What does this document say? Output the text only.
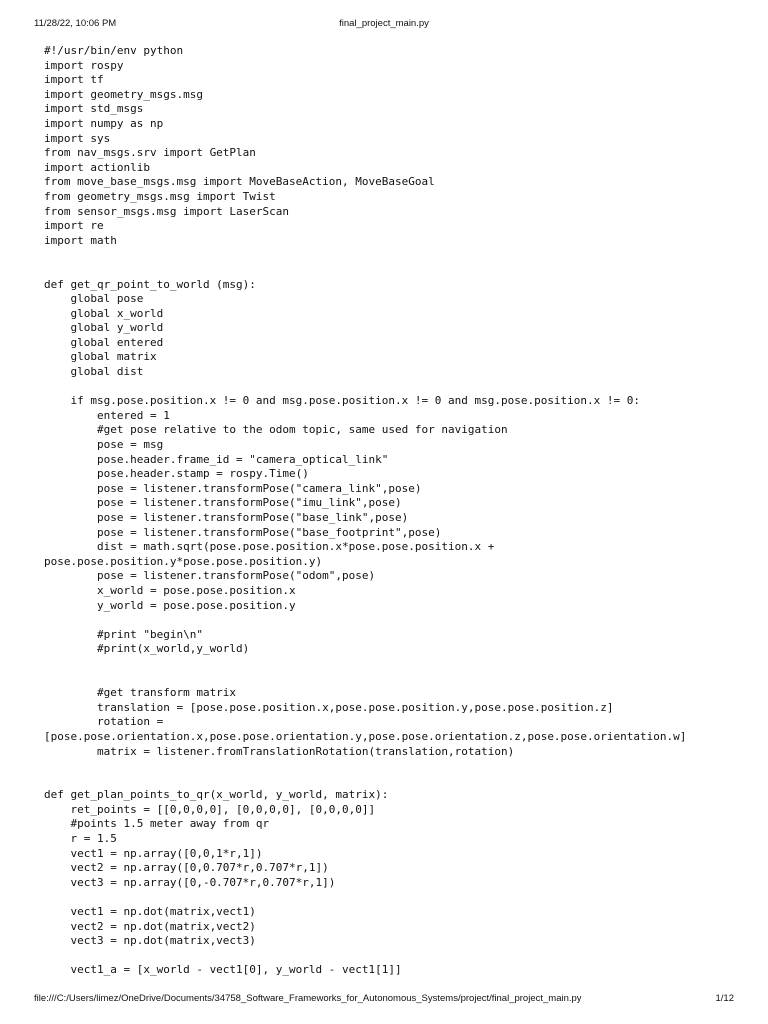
11/28/22, 10:06 PM	final_project_main.py
#!/usr/bin/env python
import rospy
import tf
import geometry_msgs.msg
import std_msgs
import numpy as np
import sys
from nav_msgs.srv import GetPlan
import actionlib
from move_base_msgs.msg import MoveBaseAction, MoveBaseGoal
from geometry_msgs.msg import Twist
from sensor_msgs.msg import LaserScan
import re
import math

def get_qr_point_to_world (msg):
global pose
global x_world
global y_world
global entered
global matrix
global dist

if msg.pose.position.x != 0 and msg.pose.position.x != 0 and msg.pose.position.x != 0:
entered = 1
#get pose relative to the odom topic, same used for navigation
pose = msg
pose.header.frame_id = "camera_optical_link"
pose.header.stamp = rospy.Time()
pose = listener.transformPose("camera_link",pose)
pose = listener.transformPose("imu_link",pose)
pose = listener.transformPose("base_link",pose)
pose = listener.transformPose("base_footprint",pose)
dist = math.sqrt(pose.pose.position.x*pose.pose.position.x +
pose.pose.position.y*pose.pose.position.y)
pose = listener.transformPose("odom",pose)
x_world = pose.pose.position.x
y_world = pose.pose.position.y

#print "begin\n"
#print(x_world,y_world)

#get transform matrix
translation = [pose.pose.position.x,pose.pose.position.y,pose.pose.position.z]
rotation =
[pose.pose.orientation.x,pose.pose.orientation.y,pose.pose.orientation.z,pose.pose.orientation.w]
matrix = listener.fromTranslationRotation(translation,rotation)

def get_plan_points_to_qr(x_world, y_world, matrix):
ret_points = [[0,0,0,0], [0,0,0,0], [0,0,0,0]]
#points 1.5 meter away from qr
r = 1.5
vect1 = np.array([0,0,1*r,1])
vect2 = np.array([0,0.707*r,0.707*r,1])
vect3 = np.array([0,-0.707*r,0.707*r,1])

vect1 = np.dot(matrix,vect1)
vect2 = np.dot(matrix,vect2)
vect3 = np.dot(matrix,vect3)

vect1_a = [x_world - vect1[0], y_world - vect1[1]]

file:///C:/Users/limez/OneDrive/Documents/34758_Software_Frameworks_for_Autonomous_Systems/project/final_project_main.py	1/12
